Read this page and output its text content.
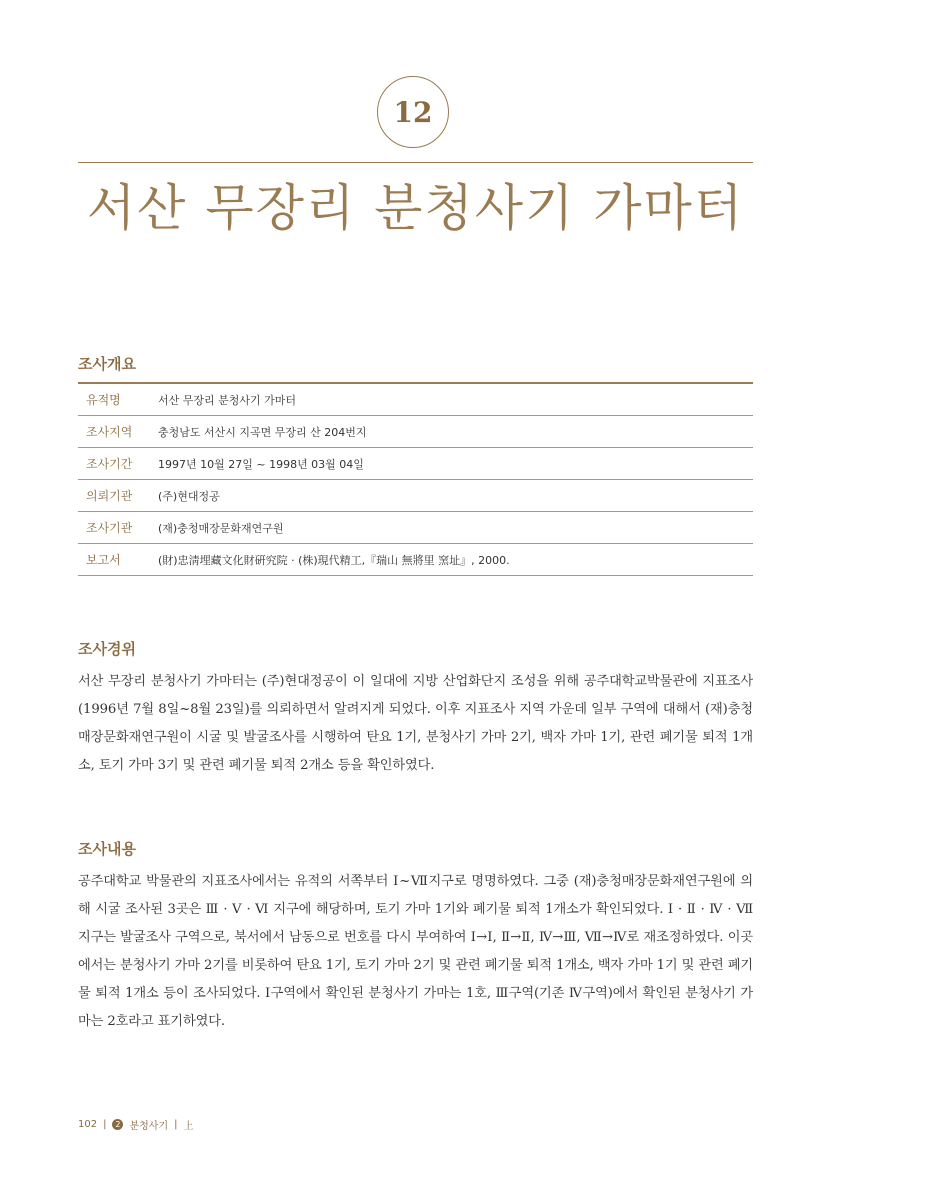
12
서산 무장리 분청사기 가마터
조사개요
유적명	서산 무장리 분청사기 가마터
조사지역	충청남도 서산시 지곡면 무장리 산 204번지
조사기간	1997년 10월 27일 ~ 1998년 03월 04일
의뢰기관	(주)현대정공
조사기관	(재)충청매장문화재연구원
보고서	(財)忠淸埋藏文化財硏究院 · (株)現代精工,『瑞山 無將里 窯址』, 2000.
조사경위

서산 무장리 분청사기 가마터는 (주)현대정공이 이 일대에 지방 산업화단지 조성을 위해 공주대학교박물관에 지표조사(1996년 7월 8일~8월 23일)를 의뢰하면서 알려지게 되었다. 이후 지표조사 지역 가운데 일부 구역에 대해서 (재)충청매장문화재연구원이 시굴 및 발굴조사를 시행하여 탄요 1기, 분청사기 가마 2기, 백자 가마 1기, 관련 폐기물 퇴적 1개소, 토기 가마 3기 및 관련 폐기물 퇴적 2개소 등을 확인하였다.

조사내용

공주대학교 박물관의 지표조사에서는 유적의 서쪽부터 Ⅰ~Ⅶ지구로 명명하였다. 그중 (재)충청매장문화재연구원에 의해 시굴 조사된 3곳은 Ⅲ · Ⅴ · Ⅵ 지구에 해당하며, 토기 가마 1기와 폐기물 퇴적 1개소가 확인되었다. Ⅰ · Ⅱ · Ⅳ · Ⅶ 지구는 발굴조사 구역으로, 북서에서 남동으로 번호를 다시 부여하여 Ⅰ→Ⅰ, Ⅱ→Ⅱ, Ⅳ→Ⅲ, Ⅶ→Ⅳ로 재조정하였다. 이곳에서는 분청사기 가마 2기를 비롯하여 탄요 1기, 토기 가마 2기 및 관련 폐기물 퇴적 1개소, 백자 가마 1기 및 관련 폐기물 퇴적 1개소 등이 조사되었다. Ⅰ구역에서 확인된 분청사기 가마는 1호, Ⅲ구역(기존 Ⅳ구역)에서 확인된 분청사기 가마는 2호라고 표기하였다.

102 |	2 분청사기 | 上
